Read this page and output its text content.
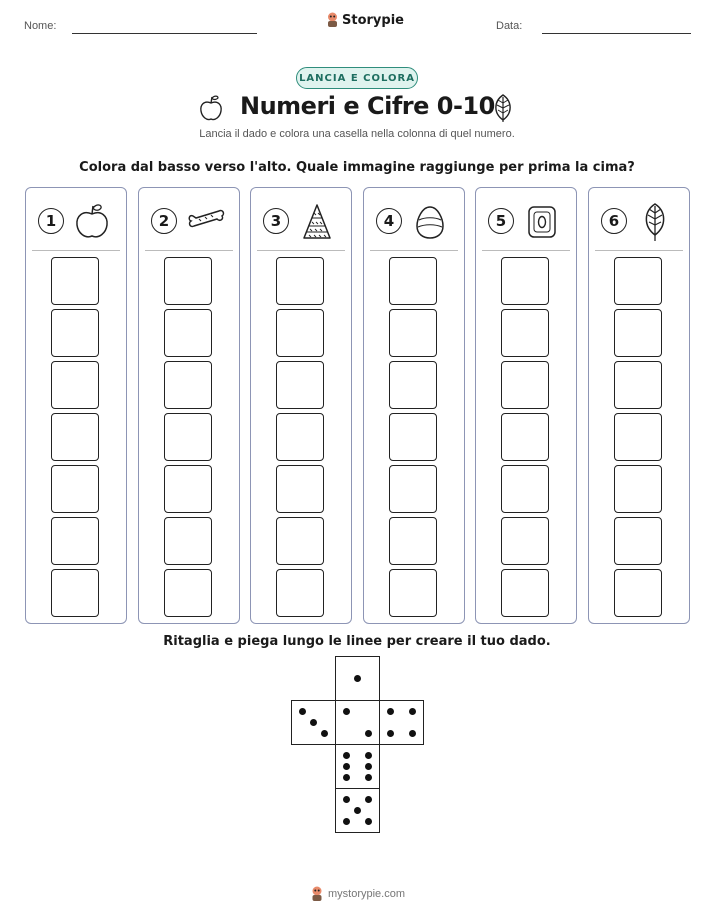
Nome:	Storypie	Data:
LANCIA E COLORA
Numeri e Cifre 0-10
Lancia il dado e colora una casella nella colonna di quel numero.
Colora dal basso verso l'alto. Quale immagine raggiunge per prima la cima?
1	2	3	4	5	6
Ritaglia e piega lungo le linee per creare il tuo dado.
mystorypie.com
